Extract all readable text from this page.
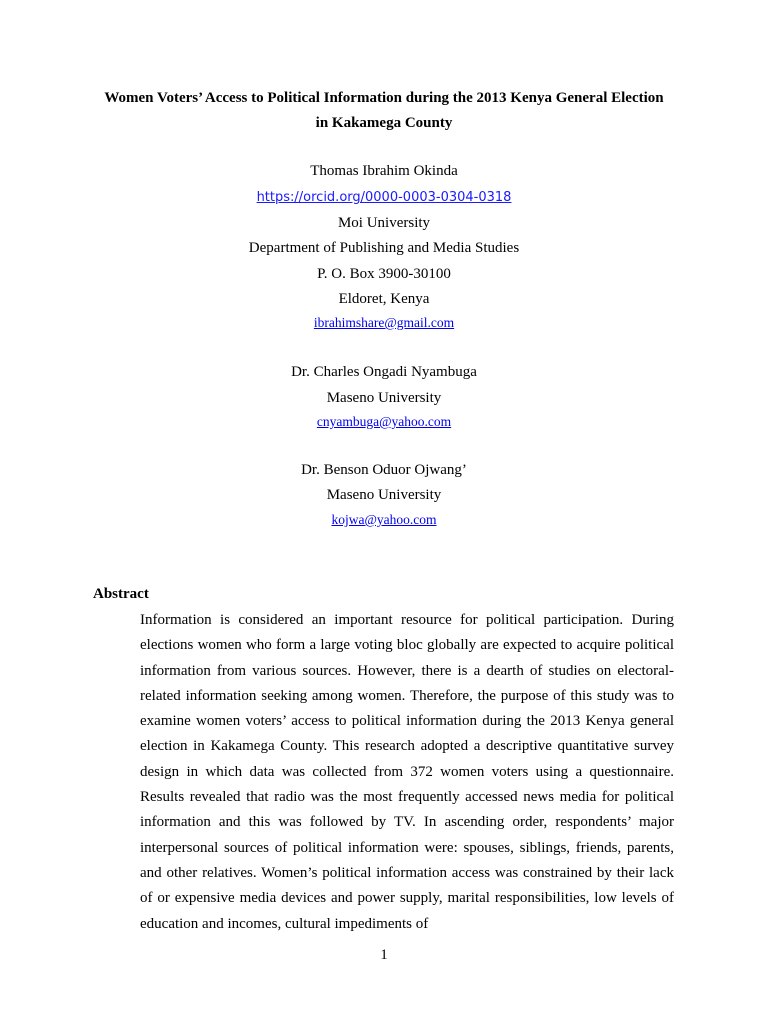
Women Voters’ Access to Political Information during the 2013 Kenya General Election
in Kakamega County
Thomas Ibrahim Okinda
https://orcid.org/0000-0003-0304-0318
Moi University
Department of Publishing and Media Studies
P. O. Box 3900-30100
Eldoret, Kenya
ibrahimshare@gmail.com
Dr. Charles Ongadi Nyambuga
Maseno University
cnyambuga@yahoo.com
Dr. Benson Oduor Ojwang’
Maseno University
kojwa@yahoo.com
Abstract
Information is considered an important resource for political participation. During elections women who form a large voting bloc globally are expected to acquire political information from various sources. However, there is a dearth of studies on electoral-related information seeking among women. Therefore, the purpose of this study was to examine women voters’ access to political information during the 2013 Kenya general election in Kakamega County. This research adopted a descriptive quantitative survey design in which data was collected from 372 women voters using a questionnaire. Results revealed that radio was the most frequently accessed news media for political information and this was followed by TV. In ascending order, respondents’ major interpersonal sources of political information were: spouses, siblings, friends, parents, and other relatives. Women’s political information access was constrained by their lack of or expensive media devices and power supply, marital responsibilities, low levels of education and incomes, cultural impediments of
1
